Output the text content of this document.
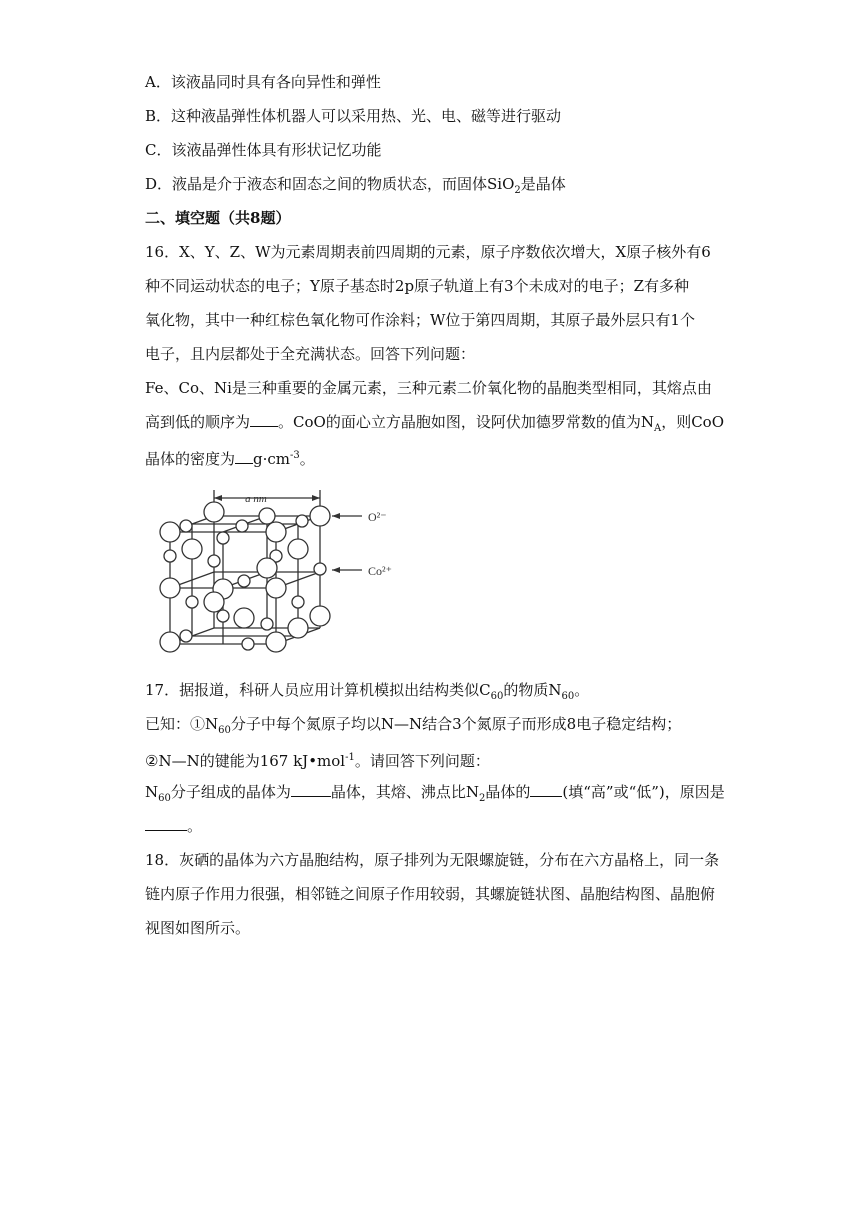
A．该液晶同时具有各向异性和弹性
B．这种液晶弹性体机器人可以采用热、光、电、磁等进行驱动
C．该液晶弹性体具有形状记忆功能
D．液晶是介于液态和固态之间的物质状态，而固体SiO$_2$是晶体
二、填空题（共8题）
16．X、Y、Z、W为元素周期表前四周期的元素，原子序数依次增大，X原子核外有6
种不同运动状态的电子；Y原子基态时2p原子轨道上有3个未成对的电子；Z有多种
氧化物，其中一种红棕色氧化物可作涂料；W位于第四周期，其原子最外层只有1个
电子，且内层都处于全充满状态。回答下列问题：
Fe、Co、Ni是三种重要的金属元素，三种元素二价氧化物的晶胞类型相同，其熔点由
高到低的顺序为 。CoO的面心立方晶胞如图，设阿伏加德罗常数的值为$N_A$，则CoO
晶体的密度为 $g\cdot cm^{-3}$。
a nm
O²⁻
Co²⁺
17．据报道，科研人员应用计算机模拟出结构类似$C_{60}$的物质$N_{60}$。
已知：$①N_{60}$分子中每个氮原子均以N—N结合3个氮原子而形成8电子稳定结构；
②N—N的键能为167 kJ•mol$^{-1}$。请回答下列问题：
$N_{60}$分子组成的晶体为	晶体，其熔、沸点比$N_2$晶体的 (填“高”或“低”)，原因是
。
18．灰硒的晶体为六方晶胞结构，原子排列为无限螺旋链，分布在六方晶格上，同一条
链内原子作用力很强，相邻链之间原子作用较弱，其螺旋链状图、晶胞结构图、晶胞俯
视图如图所示。
